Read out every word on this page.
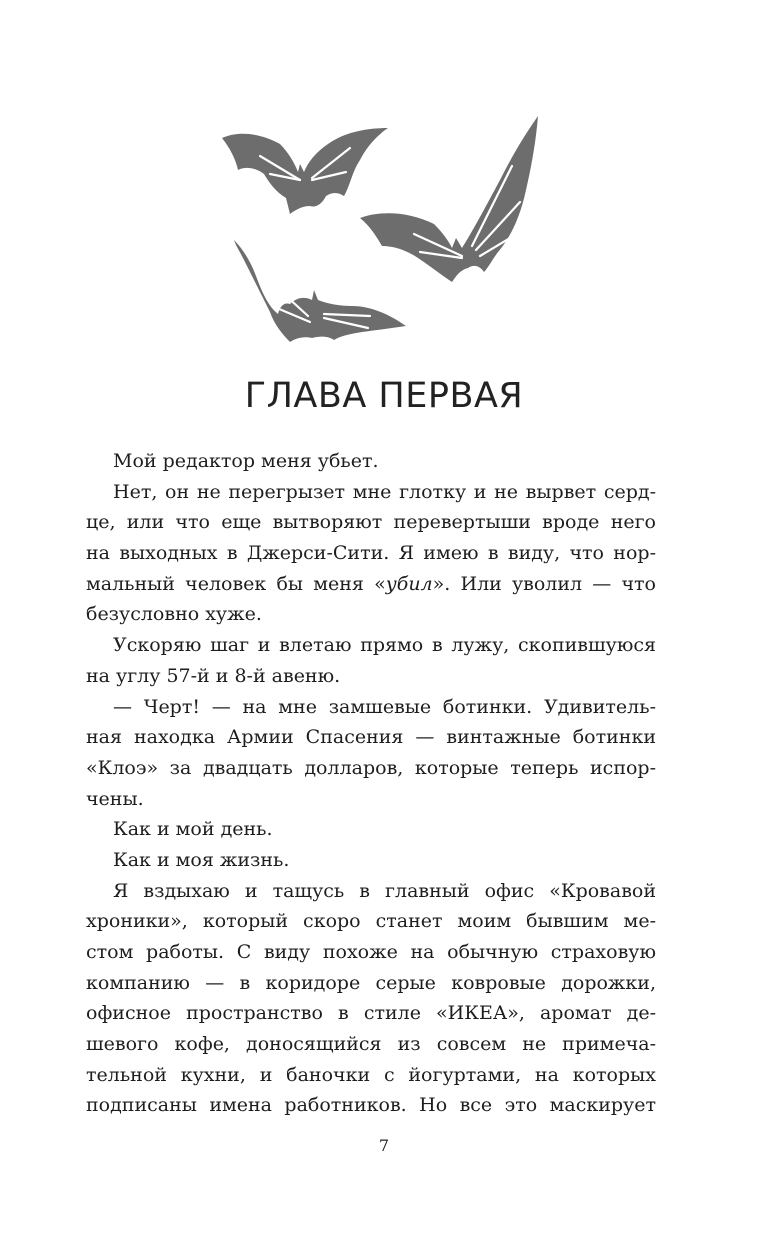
ГЛАВА ПЕРВАЯ
Мой редактор меня убьет.
Нет, он не перегрызет мне глотку и не вырвет серд-
це, или что еще вытворяют перевертыши вроде него
на выходных в Джерси-Сити. Я имею в виду, что нор-
мальный человек бы меня «убил». Или уволил — что
безусловно хуже.
Ускоряю шаг и влетаю прямо в лужу, скопившуюся
на углу 57-й и 8-й авеню.
— Черт! — на мне замшевые ботинки. Удивитель-
ная находка Армии Спасения — винтажные ботинки
«Клоэ» за двадцать долларов, которые теперь испор-
чены.
Как и мой день.
Как и моя жизнь.
Я вздыхаю и тащусь в главный офис «Кровавой
хроники», который скоро станет моим бывшим ме-
стом работы. С виду похоже на обычную страховую
компанию — в коридоре серые ковровые дорожки,
офисное пространство в стиле «ИКЕА», аромат де-
шевого кофе, доносящийся из совсем не примеча-
тельной кухни, и баночки с йогуртами, на которых
подписаны имена работников. Но все это маскирует
7
